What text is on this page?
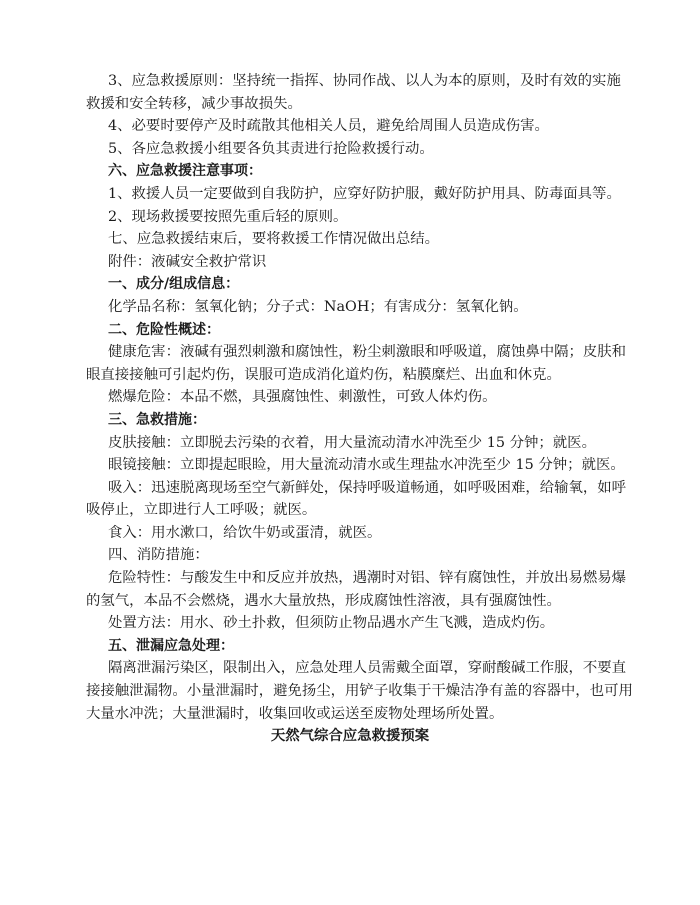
3、应急救援原则：坚持统一指挥、协同作战、以人为本的原则，及时有效的实施

救援和安全转移，减少事故损失。

4、必要时要停产及时疏散其他相关人员，避免给周围人员造成伤害。

5、各应急救援小组要各负其责进行抢险救援行动。

六、应急救援注意事项：

1、救援人员一定要做到自我防护，应穿好防护服，戴好防护用具、防毒面具等。

2、现场救援要按照先重后轻的原则。

七、应急救援结束后，要将救援工作情况做出总结。

附件：液碱安全救护常识

一、成分/组成信息：

化学品名称：氢氧化钠；分子式：NaOH；有害成分：氢氧化钠。

二、危险性概述：

健康危害：液碱有强烈刺激和腐蚀性，粉尘刺激眼和呼吸道，腐蚀鼻中隔；皮肤和

眼直接接触可引起灼伤，误服可造成消化道灼伤，粘膜糜烂、出血和休克。

燃爆危险：本品不燃，具强腐蚀性、刺激性，可致人体灼伤。

三、急救措施：

皮肤接触：立即脱去污染的衣着，用大量流动清水冲洗至少 15 分钟；就医。

眼镜接触：立即提起眼睑，用大量流动清水或生理盐水冲洗至少 15 分钟；就医。

吸入：迅速脱离现场至空气新鲜处，保持呼吸道畅通，如呼吸困难，给输氧，如呼

吸停止，立即进行人工呼吸；就医。

食入：用水漱口，给饮牛奶或蛋清，就医。

四、消防措施：

危险特性：与酸发生中和反应并放热，遇潮时对铝、锌有腐蚀性，并放出易燃易爆

的氢气，本品不会燃烧，遇水大量放热，形成腐蚀性溶液，具有强腐蚀性。

处置方法：用水、砂土扑救，但须防止物品遇水产生飞溅，造成灼伤。

五、泄漏应急处理：

隔离泄漏污染区，限制出入，应急处理人员需戴全面罩，穿耐酸碱工作服，不要直

接接触泄漏物。小量泄漏时，避免扬尘，用铲子收集于干燥洁净有盖的容器中，也可用

大量水冲洗；大量泄漏时，收集回收或运送至废物处理场所处置。

天然气综合应急救援预案
